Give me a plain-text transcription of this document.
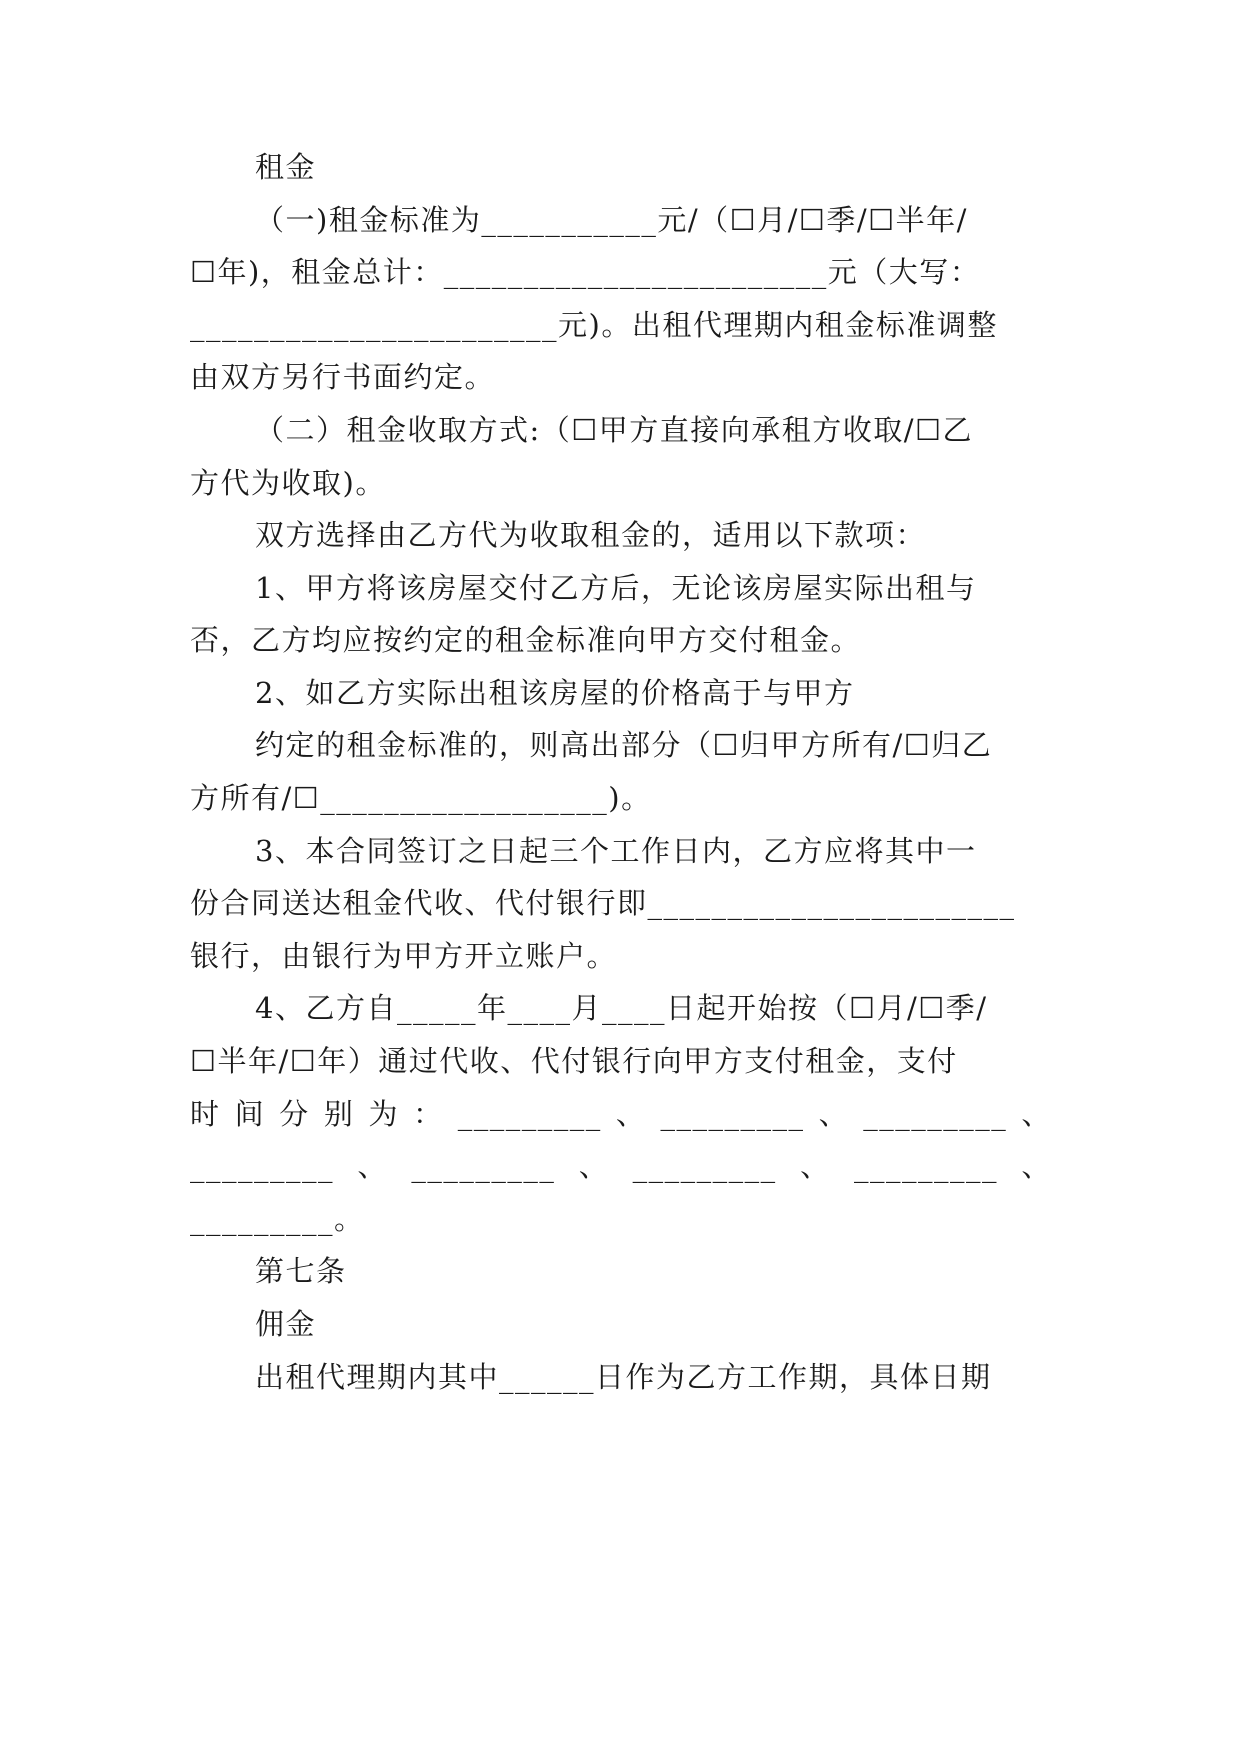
租金
（一)租金标准为___________元/（☐月/☐季/☐半年/
☐年)，租金总计：________________________元（大写：
_______________________元)。出租代理期内租金标准调整
由双方另行书面约定。
（二）租金收取方式:（☐甲方直接向承租方收取/☐乙
方代为收取)。
双方选择由乙方代为收取租金的，适用以下款项：
1、甲方将该房屋交付乙方后，无论该房屋实际出租与
否，乙方均应按约定的租金标准向甲方交付租金。
2、如乙方实际出租该房屋的价格高于与甲方
约定的租金标准的，则高出部分（☐归甲方所有/☐归乙
方所有/☐__________________)。
3、本合同签订之日起三个工作日内，乙方应将其中一
份合同送达租金代收、代付银行即_______________________
银行，由银行为甲方开立账户。
4、乙方自_____年____月____日起开始按（☐月/☐季/
☐半年/☐年）通过代收、代付银行向甲方支付租金，支付
时 间 分 别 为 ： _________ 、 _________ 、 _________ 、
_________ 、 _________ 、 _________ 、 _________ 、
_________。
第七条
佣金
出租代理期内其中______日作为乙方工作期，具体日期
